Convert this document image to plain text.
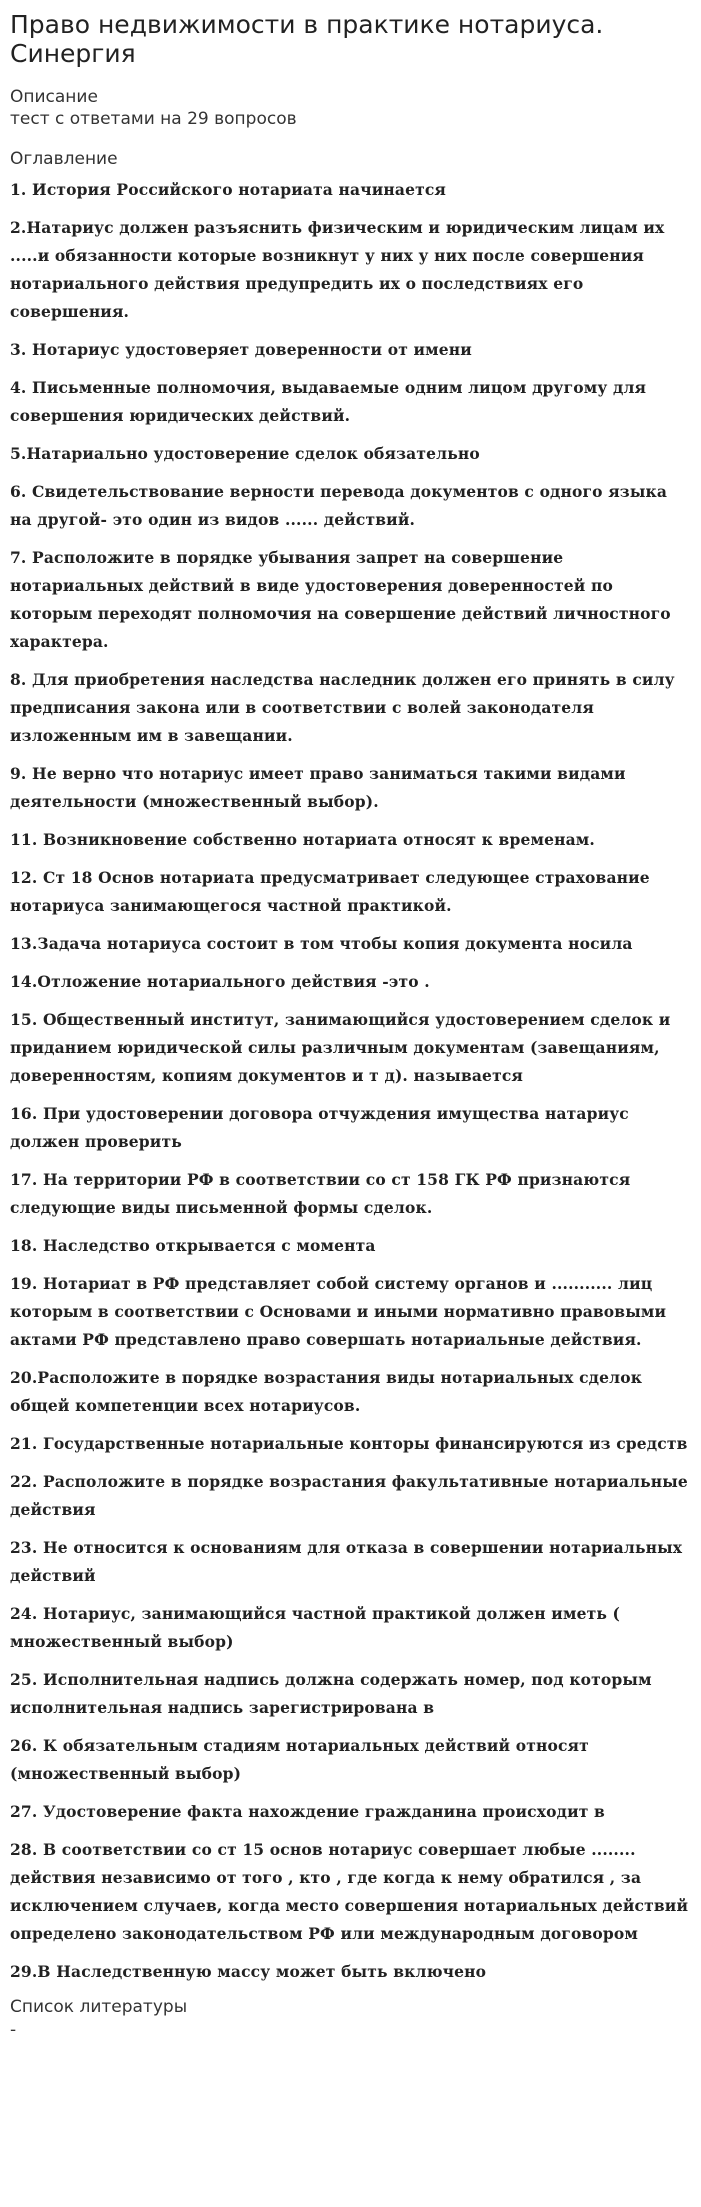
Право недвижимости в практике нотариуса. Синергия
Описание
тест с ответами на 29 вопросов
Оглавление
1. История Российского нотариата начинается
2.Натариус должен разъяснить физическим и юридическим лицам их .....и обязанности которые возникнут у них у них после совершения нотариального действия предупредить их о последствиях его совершения.
3. Нотариус удостоверяет доверенности от имени
4. Письменные полномочия, выдаваемые одним лицом другому для совершения юридических действий.
5.Натариально удостоверение сделок обязательно
6. Свидетельствование верности перевода документов с одного языка на другой- это один из видов ...... действий.
7. Расположите в порядке убывания запрет на совершение нотариальных действий в виде удостоверения доверенностей по которым переходят полномочия на совершение действий личностного характера.
8. Для приобретения наследства наследник должен его принять в силу предписания закона или в соответствии с волей законодателя изложенным им в завещании.
9. Не верно что нотариус имеет право заниматься такими видами деятельности (множественный выбор).
11. Возникновение собственно нотариата относят к временам.
12. Ст 18 Основ нотариата предусматривает следующее страхование нотариуса занимающегося частной практикой.
13.Задача нотариуса состоит в том чтобы копия документа носила
14.Отложение нотариального действия -это .
15. Общественный институт, занимающийся удостоверением сделок и приданием юридической силы различным документам (завещаниям, доверенностям, копиям документов и т д). называется
16. При удостоверении договора отчуждения имущества натариус должен проверить
17. На территории РФ в соответствии со ст 158 ГК РФ признаются следующие виды письменной формы сделок.
18. Наследство открывается с момента
19. Нотариат в РФ представляет собой систему органов и ........... лиц которым в соответствии с Основами и иными нормативно правовыми актами РФ представлено право совершать нотариальные действия.
20.Расположите в порядке возрастания виды нотариальных сделок общей компетенции всех нотариусов.
21. Государственные нотариальные конторы финансируются из средств
22. Расположите в порядке возрастания факультативные нотариальные действия
23. Не относится к основаниям для отказа в совершении нотариальных действий
24. Нотариус, занимающийся частной практикой должен иметь ( множественный выбор)
25. Исполнительная надпись должна содержать номер, под которым исполнительная надпись зарегистрирована в
26. К обязательным стадиям нотариальных действий относят (множественный выбор)
27. Удостоверение факта нахождение гражданина происходит в
28. В соответствии со ст 15 основ нотариус совершает любые ........ действия независимо от того , кто , где когда к нему обратился , за исключением случаев, когда место совершения нотариальных действий определено законодательством РФ или международным договором
29.В Наследственную массу может быть включено
Список литературы
-
